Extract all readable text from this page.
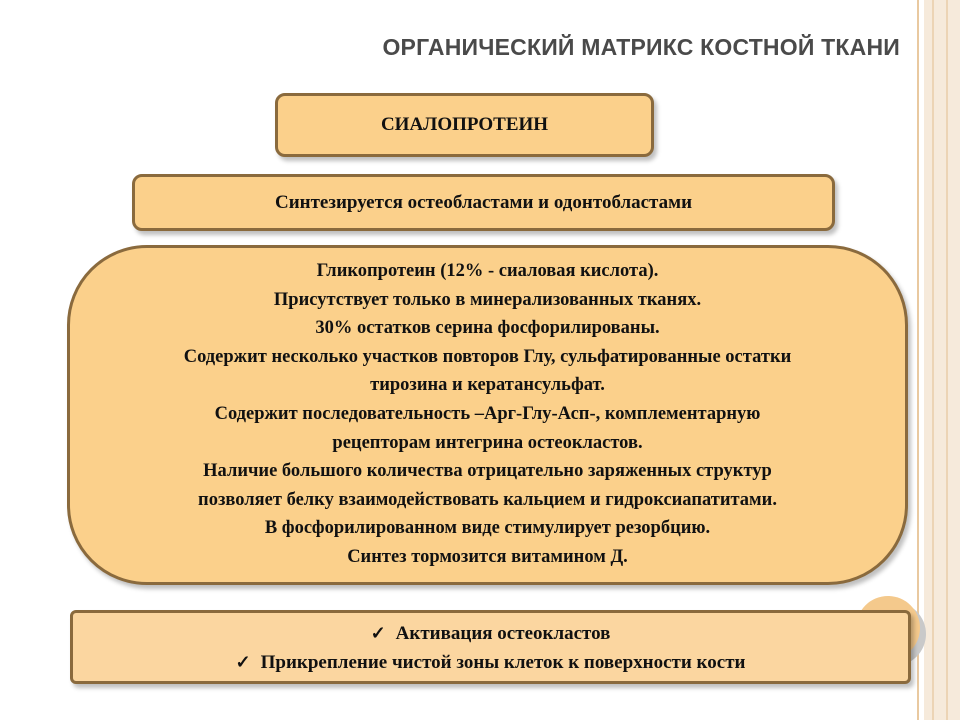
ОРГАНИЧЕСКИЙ МАТРИКС КОСТНОЙ ТКАНИ
СИАЛОПРОТЕИН
Синтезируется остеобластами и одонтобластами
Гликопротеин (12% - сиаловая кислота).
Присутствует только в минерализованных тканях.
30% остатков серина фосфорилированы.
Содержит несколько участков повторов Глу, сульфатированные остатки
тирозина и кератансульфат.
Содержит последовательность –Арг-Глу-Асп-, комплементарную
рецепторам интегрина остеокластов.
Наличие большого количества отрицательно заряженных структур
позволяет белку взаимодействовать кальцием и гидроксиапатитами.
В фосфорилированном виде стимулирует резорбцию.
Синтез тормозится витамином Д.
✓ Активация остеокластов
✓ Прикрепление чистой зоны клеток к поверхности кости
